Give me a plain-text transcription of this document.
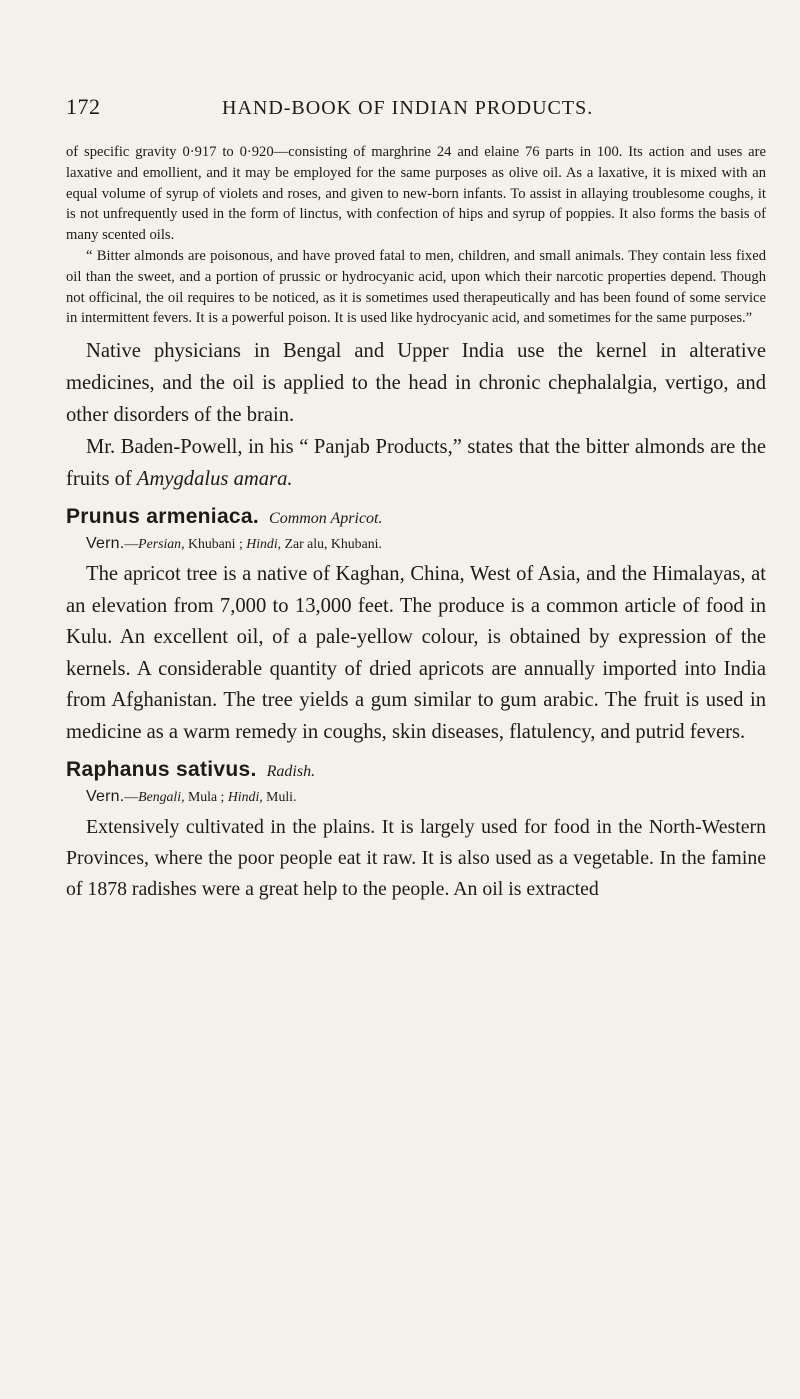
172	HAND-BOOK OF INDIAN PRODUCTS.

of specific gravity 0·917 to 0·920—consisting of marghrine 24 and elaine 76 parts in 100. Its action and uses are laxative and emollient, and it may be employed for the same purposes as olive oil. As a laxative, it is mixed with an equal volume of syrup of violets and roses, and given to new-born infants. To assist in allaying troublesome coughs, it is not unfrequently used in the form of linctus, with confection of hips and syrup of poppies. It also forms the basis of many scented oils.

“ Bitter almonds are poisonous, and have proved fatal to men, children, and small animals. They contain less fixed oil than the sweet, and a portion of prussic or hydrocyanic acid, upon which their narcotic properties depend. Though not officinal, the oil requires to be noticed, as it is sometimes used therapeutically and has been found of some service in intermittent fevers. It is a powerful poison. It is used like hydrocyanic acid, and sometimes for the same purposes.”

Native physicians in Bengal and Upper India use the kernel in alterative medicines, and the oil is applied to the head in chronic chephalalgia, vertigo, and other disorders of the brain.

Mr. Baden-Powell, in his “ Panjab Products,” states that the bitter almonds are the fruits of Amygdalus amara.

Prunus armeniaca. Common Apricot.
Vern.—Persian, Khubani ; Hindi, Zar alu, Khubani.

The apricot tree is a native of Kaghan, China, West of Asia, and the Himalayas, at an elevation from 7,000 to 13,000 feet. The produce is a common article of food in Kulu. An excellent oil, of a pale-yellow colour, is obtained by expression of the kernels. A considerable quantity of dried apricots are annually imported into India from Afghanistan. The tree yields a gum similar to gum arabic. The fruit is used in medicine as a warm remedy in coughs, skin diseases, flatulency, and putrid fevers.

Raphanus sativus. Radish.
Vern.—Bengali, Mula ; Hindi, Muli.

Extensively cultivated in the plains. It is largely used for food in the North-Western Provinces, where the poor people eat it raw. It is also used as a vegetable. In the famine of 1878 radishes were a great help to the people. An oil is extracted
